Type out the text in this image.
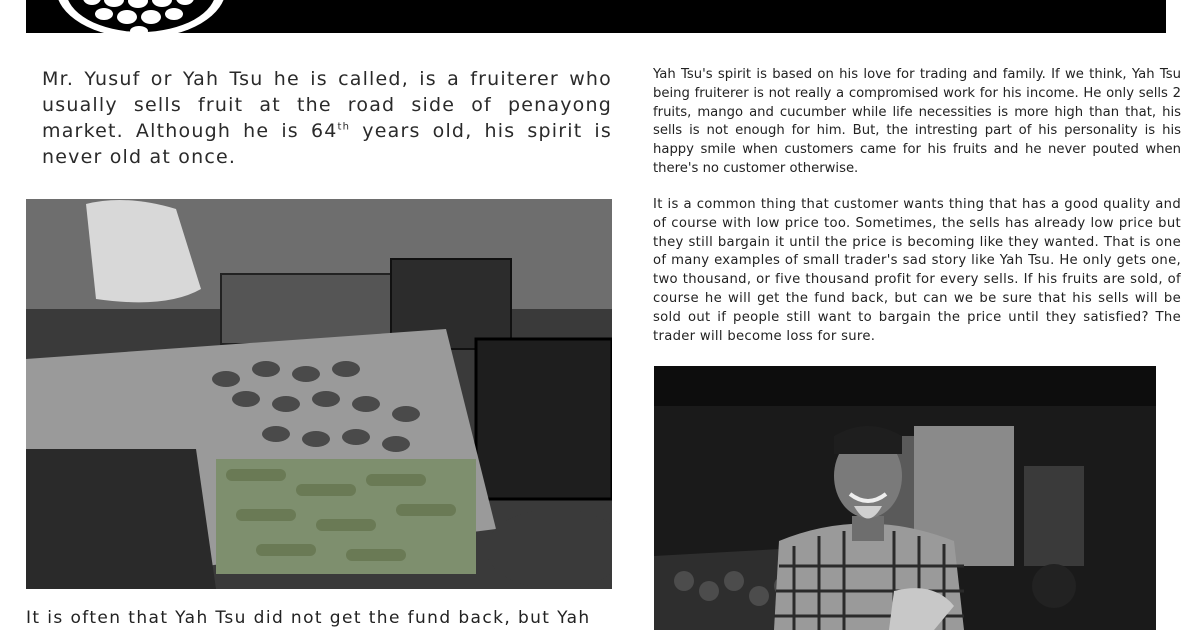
Mr. Yusuf or Yah Tsu he is called, is a fruiterer who usually sells fruit at the road side of penayong market. Although he is 64th years old, his spirit is never old at once.
Yah Tsu's spirit is based on his love for trading and family. If we think, Yah Tsu being fruiterer is not really a compromised work for his income. He only sells 2 fruits, mango and cucumber while life necessities is more high than that, his sells is not enough for him. But, the intresting part of his personality is his happy smile when customers came for his fruits and he never pouted when there's no customer otherwise.
It is a common thing that customer wants thing that has a good quality and of course with low price too. Sometimes, the sells has already low price but they still bargain it until the price is becoming like they wanted. That is one of many examples of small trader's sad story like Yah Tsu. He only gets one, two thousand, or five thousand profit for every sells. If his fruits are sold, of course he will get the fund back, but can we be sure that his sells will be sold out if people still want to bargain the price until they satisfied? The trader will become loss for sure.
It is often that Yah Tsu did not get the fund back, but Yah
